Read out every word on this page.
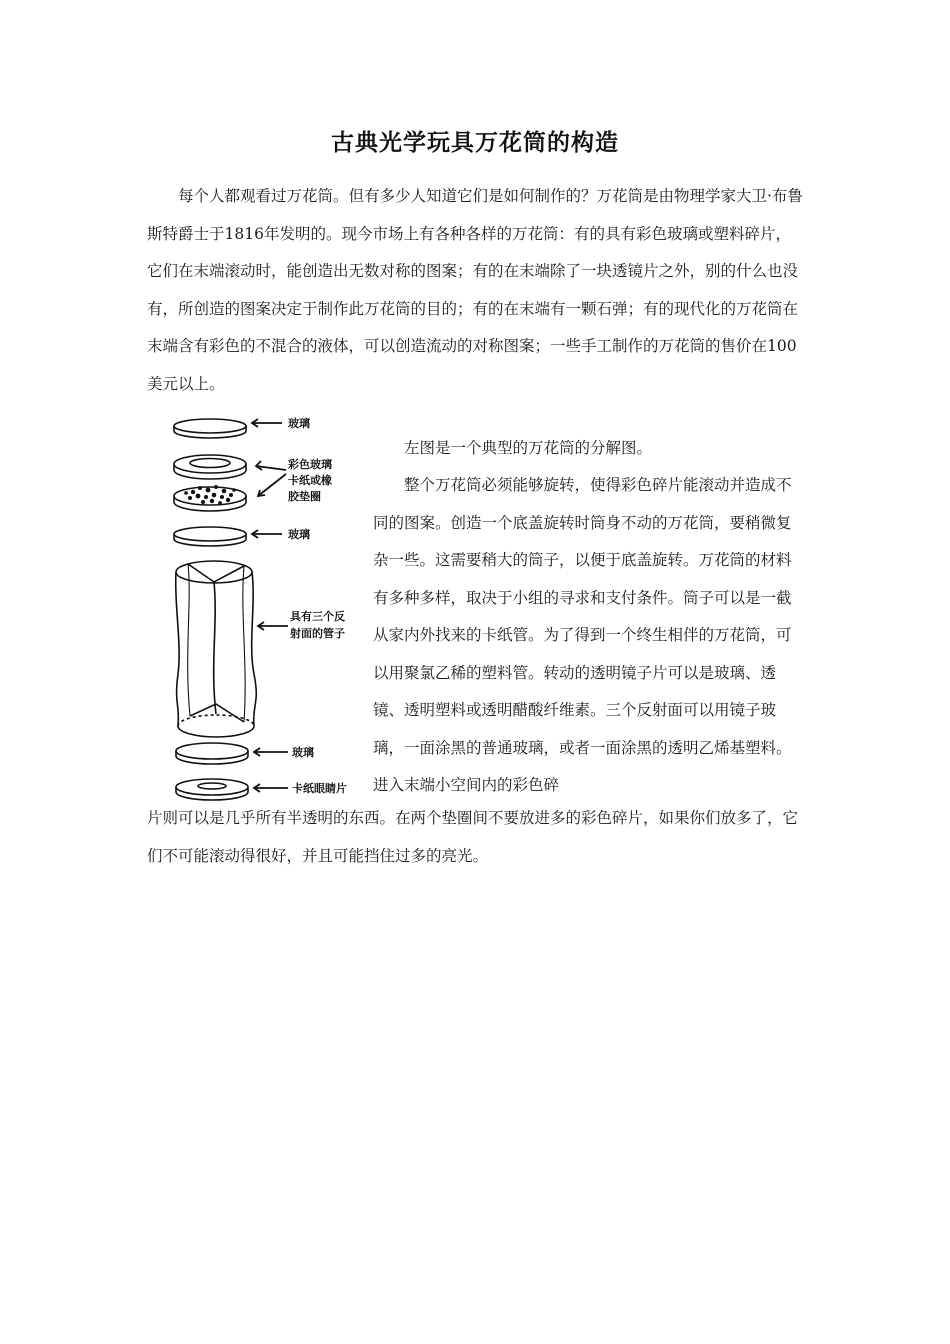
古典光学玩具万花筒的构造
每个人都观看过万花筒。但有多少人知道它们是如何制作的？万花筒是由物理学家大卫·布鲁斯特爵士于1816年发明的。现今市场上有各种各样的万花筒：有的具有彩色玻璃或塑料碎片，它们在末端滚动时，能创造出无数对称的图案；有的在末端除了一块透镜片之外，别的什么也没有，所创造的图案决定于制作此万花筒的目的；有的在末端有一颗石弹；有的现代化的万花筒在末端含有彩色的不混合的液体，可以创造流动的对称图案；一些手工制作的万花筒的售价在100美元以上。
玻璃
彩色玻璃
卡纸或橡
胶垫圈
玻璃
具有三个反
射面的管子
玻璃
卡纸眼睛片
左图是一个典型的万花筒的分解图。
整个万花筒必须能够旋转，使得彩色碎片能滚动并造成不同的图案。创造一个底盖旋转时筒身不动的万花筒，要稍微复杂一些。这需要稍大的筒子，以便于底盖旋转。万花筒的材料有多种多样，取决于小组的寻求和支付条件。筒子可以是一截从家内外找来的卡纸管。为了得到一个终生相伴的万花筒，可以用聚氯乙稀的塑料管。转动的透明镜子片可以是玻璃、透镜、透明塑料或透明醋酸纤维素。三个反射面可以用镜子玻璃，一面涂黑的普通玻璃，或者一面涂黑的透明乙烯基塑料。进入末端小空间内的彩色碎
片则可以是几乎所有半透明的东西。在两个垫圈间不要放进多的彩色碎片，如果你们放多了，它们不可能滚动得很好，并且可能挡住过多的亮光。
